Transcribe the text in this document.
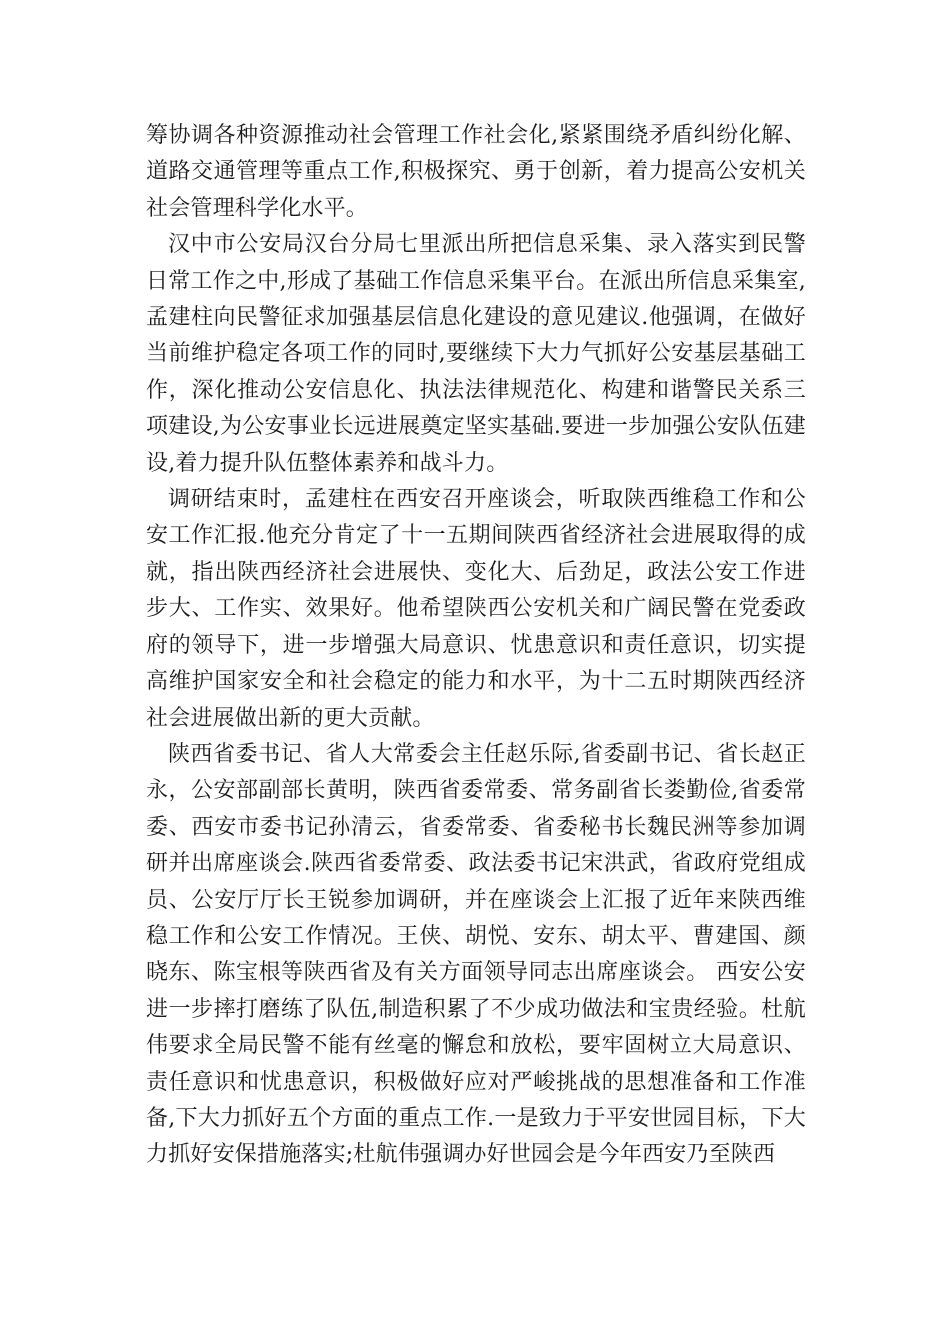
筹协调各种资源推动社会管理工作社会化,紧紧围绕矛盾纠纷化解、道路交通管理等重点工作,积极探究、勇于创新，着力提高公安机关社会管理科学化水平。

汉中市公安局汉台分局七里派出所把信息采集、录入落实到民警日常工作之中,形成了基础工作信息采集平台。在派出所信息采集室,孟建柱向民警征求加强基层信息化建设的意见建议.他强调，在做好当前维护稳定各项工作的同时,要继续下大力气抓好公安基层基础工作，深化推动公安信息化、执法法律规范化、构建和谐警民关系三项建设,为公安事业长远进展奠定坚实基础.要进一步加强公安队伍建设,着力提升队伍整体素养和战斗力。

调研结束时，孟建柱在西安召开座谈会，听取陕西维稳工作和公安工作汇报.他充分肯定了十一五期间陕西省经济社会进展取得的成就，指出陕西经济社会进展快、变化大、后劲足，政法公安工作进步大、工作实、效果好。他希望陕西公安机关和广阔民警在党委政府的领导下，进一步增强大局意识、忧患意识和责任意识，切实提高维护国家安全和社会稳定的能力和水平，为十二五时期陕西经济社会进展做出新的更大贡献。

陕西省委书记、省人大常委会主任赵乐际,省委副书记、省长赵正永，公安部副部长黄明，陕西省委常委、常务副省长娄勤俭,省委常委、西安市委书记孙清云，省委常委、省委秘书长魏民洲等参加调研并出席座谈会.陕西省委常委、政法委书记宋洪武，省政府党组成员、公安厅厅长王锐参加调研，并在座谈会上汇报了近年来陕西维稳工作和公安工作情况。王侠、胡悦、安东、胡太平、曹建国、颜晓东、陈宝根等陕西省及有关方面领导同志出席座谈会。 西安公安进一步摔打磨练了队伍,制造积累了不少成功做法和宝贵经验。杜航伟要求全局民警不能有丝毫的懈怠和放松，要牢固树立大局意识、责任意识和忧患意识，积极做好应对严峻挑战的思想准备和工作准备,下大力抓好五个方面的重点工作.一是致力于平安世园目标，下大力抓好安保措施落实;杜航伟强调办好世园会是今年西安乃至陕西
